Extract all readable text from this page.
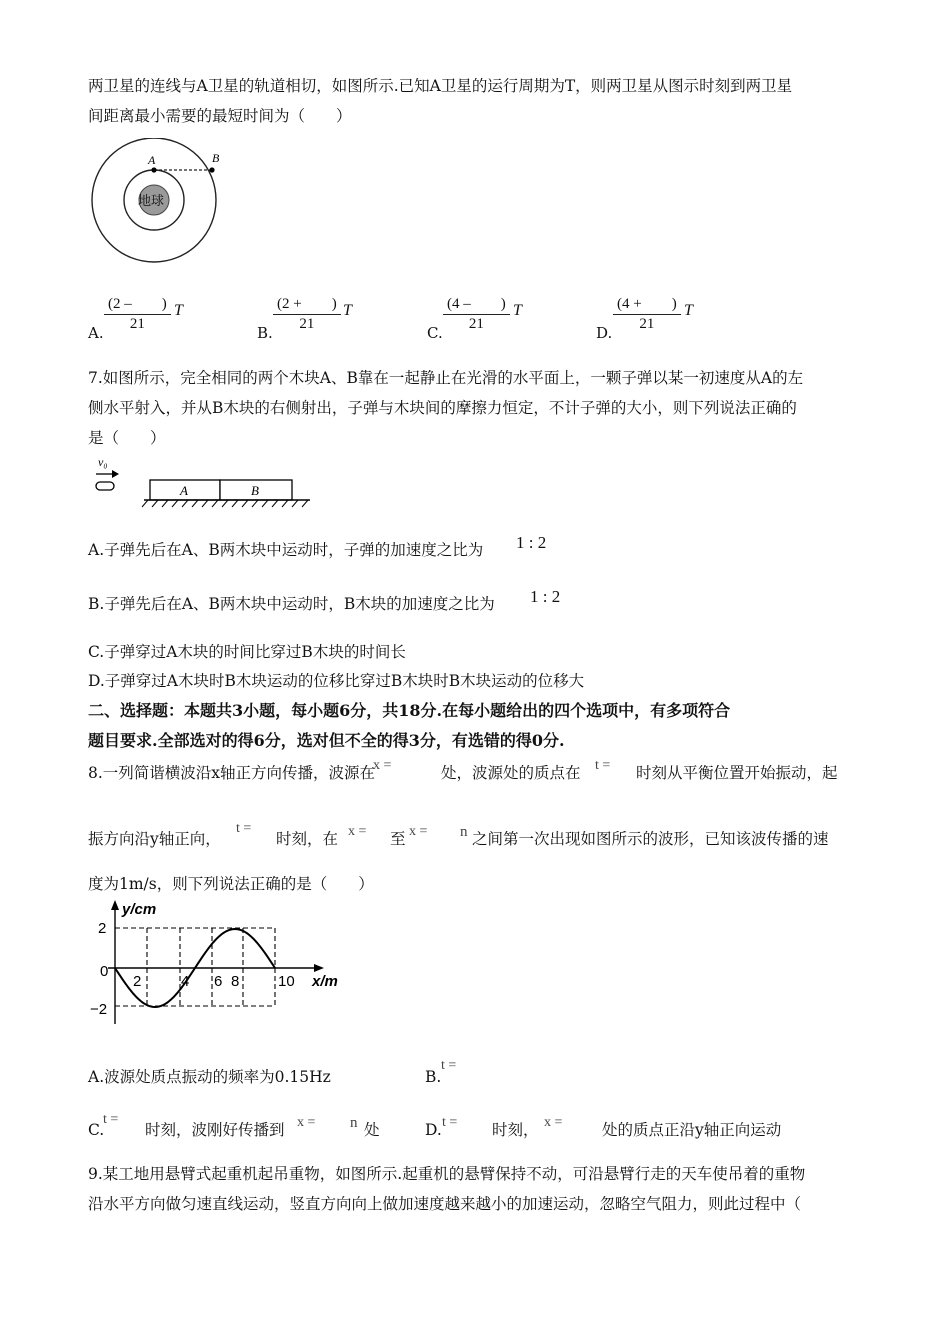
两卫星的连线与A卫星的轨道相切，如图所示.已知A卫星的运行周期为T，则两卫星从图示时刻到两卫星
间距离最小需要的最短时间为（　　）
A	B
地球
A. $\frac{(2 - )}{21}$ T
B. $\frac{(2 + )}{21}$ T
C. $\frac{(4 - )}{21}$ T
D. $\frac{(4 + )}{21}$ T
7.如图所示，完全相同的两个木块A、B靠在一起静止在光滑的水平面上，一颗子弹以某一初速度从A的左
侧水平射入，并从B木块的右侧射出，子弹与木块间的摩擦力恒定，不计子弹的大小，则下列说法正确的
是（　　）
v₀
A	B
A.子弹先后在A、B两木块中运动时，子弹的加速度之比为 1 : 2
B.子弹先后在A、B两木块中运动时，B木块的加速度之比为 1 : 2
C.子弹穿过A木块的时间比穿过B木块的时间长
D.子弹穿过A木块时B木块运动的位移比穿过B木块时B木块运动的位移大
二、选择题：本题共3小题，每小题6分，共18分.在每小题给出的四个选项中，有多项符合
题目要求.全部选对的得6分，选对但不全的得3分，有选错的得0分.
8.一列简谐横波沿x轴正方向传播，波源在
x =	处，波源处的质点在 t = 时刻从平衡位置开始振动，起
振方向沿y轴正向，
t =
时刻，在 x = 至 x = n 之间第一次出现如图所示的波形，已知该波传播的速
度为1m/s，则下列说法正确的是（　　）
y/cm
x/m
2
0
−2
2	4 6 8	10
A.波源处质点振动的频率为0.15Hz	B.
t =
C.
t =
时刻，波刚好传播到 x = n 处	D. t = 时刻， x =	处的质点正沿y轴正向运动
9.某工地用悬臂式起重机起吊重物，如图所示.起重机的悬臂保持不动，可沿悬臂行走的天车使吊着的重物
沿水平方向做匀速直线运动，竖直方向向上做加速度越来越小的加速运动，忽略空气阻力，则此过程中（
